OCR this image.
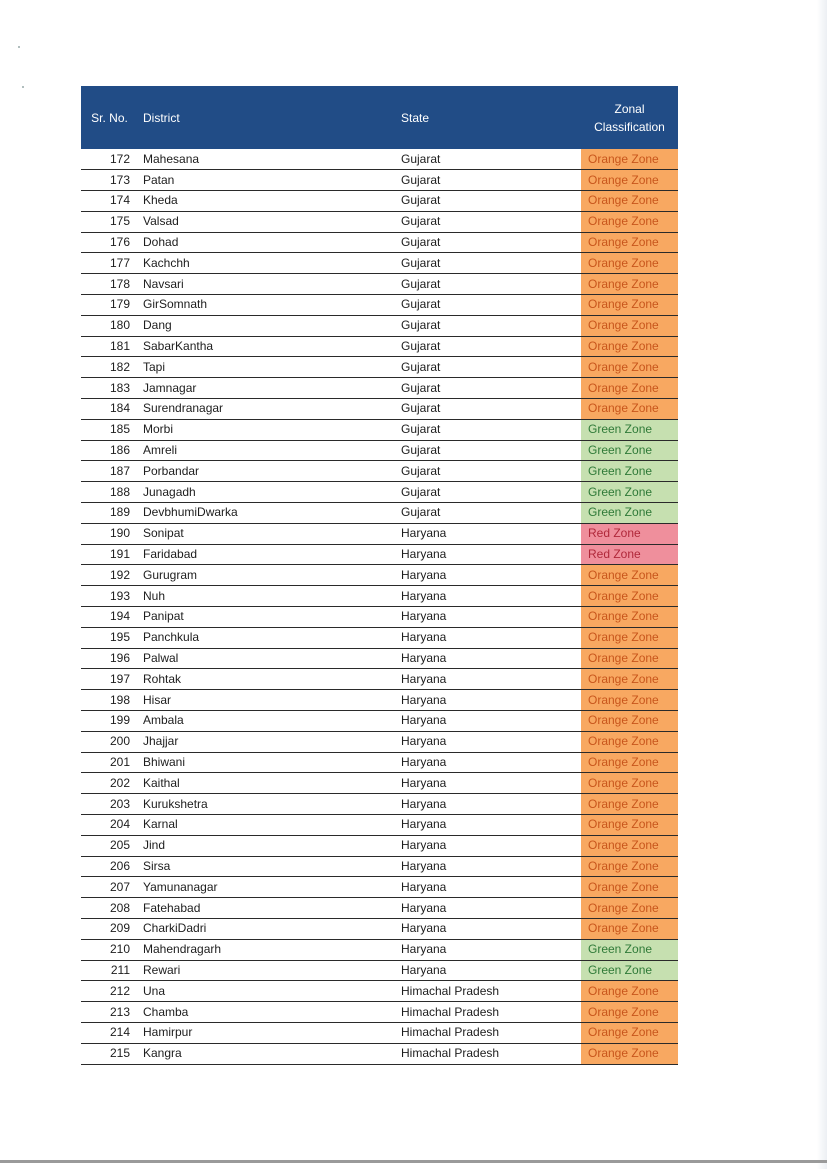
Sr. No.	District	State	Zonal
Classification
172	Mahesana	Gujarat	Orange Zone
173	Patan	Gujarat	Orange Zone
174	Kheda	Gujarat	Orange Zone
175	Valsad	Gujarat	Orange Zone
176	Dohad	Gujarat	Orange Zone
177	Kachchh	Gujarat	Orange Zone
178	Navsari	Gujarat	Orange Zone
179	GirSomnath	Gujarat	Orange Zone
180	Dang	Gujarat	Orange Zone
181	SabarKantha	Gujarat	Orange Zone
182	Tapi	Gujarat	Orange Zone
183	Jamnagar	Gujarat	Orange Zone
184	Surendranagar	Gujarat	Orange Zone
185	Morbi	Gujarat	Green Zone
186	Amreli	Gujarat	Green Zone
187	Porbandar	Gujarat	Green Zone
188	Junagadh	Gujarat	Green Zone
189	DevbhumiDwarka	Gujarat	Green Zone
190	Sonipat	Haryana	Red Zone
191	Faridabad	Haryana	Red Zone
192	Gurugram	Haryana	Orange Zone
193	Nuh	Haryana	Orange Zone
194	Panipat	Haryana	Orange Zone
195	Panchkula	Haryana	Orange Zone
196	Palwal	Haryana	Orange Zone
197	Rohtak	Haryana	Orange Zone
198	Hisar	Haryana	Orange Zone
199	Ambala	Haryana	Orange Zone
200	Jhajjar	Haryana	Orange Zone
201	Bhiwani	Haryana	Orange Zone
202	Kaithal	Haryana	Orange Zone
203	Kurukshetra	Haryana	Orange Zone
204	Karnal	Haryana	Orange Zone
205	Jind	Haryana	Orange Zone
206	Sirsa	Haryana	Orange Zone
207	Yamunanagar	Haryana	Orange Zone
208	Fatehabad	Haryana	Orange Zone
209	CharkiDadri	Haryana	Orange Zone
210	Mahendragarh	Haryana	Green Zone
211	Rewari	Haryana	Green Zone
212	Una	Himachal Pradesh	Orange Zone
213	Chamba	Himachal Pradesh	Orange Zone
214	Hamirpur	Himachal Pradesh	Orange Zone
215	Kangra	Himachal Pradesh	Orange Zone
